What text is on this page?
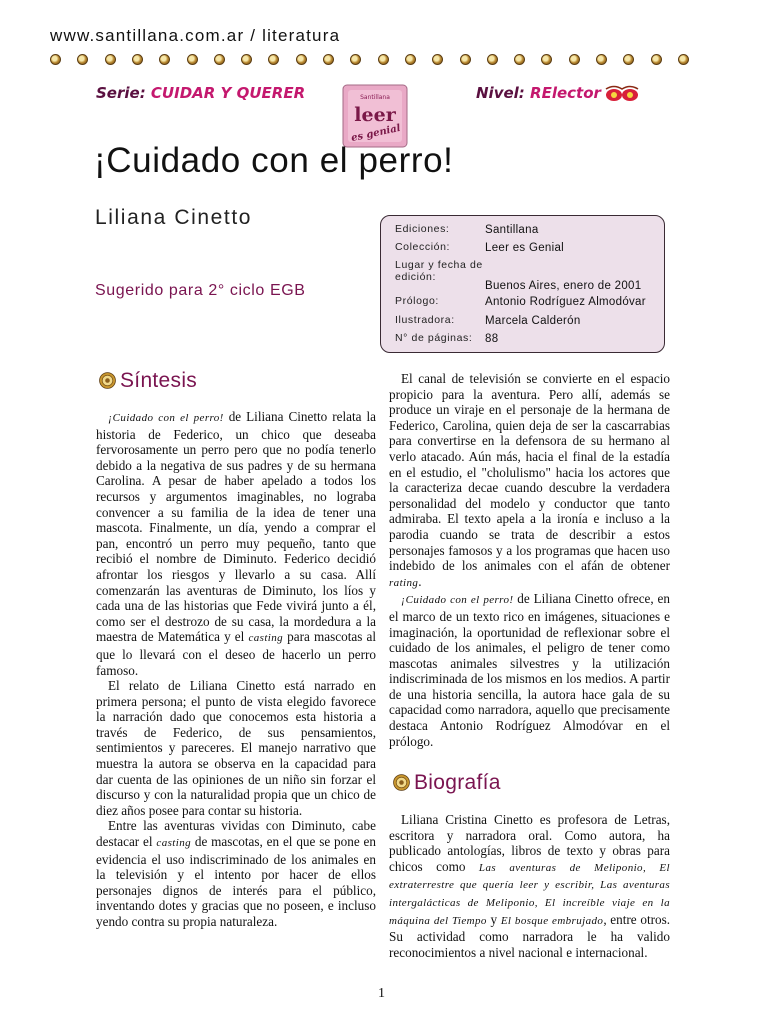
www.santillana.com.ar / literatura
Serie: CUIDAR Y QUERER	Santillana
leer
es genial
Nivel: RElector
¡Cuidado con el perro!
Liliana Cinetto
Sugerido para 2° ciclo EGB
Ediciones:	Santillana
Colección:	Leer es Genial
Lugar y fecha de edición:
Buenos Aires, enero de 2001
Prólogo:	Antonio Rodríguez Almodóvar
Ilustradora:	Marcela Calderón
N° de páginas:	88
Síntesis

¡Cuidado con el perro! de Liliana Cinetto relata la historia de Federico, un chico que deseaba fervorosamente un perro pero que no podía tenerlo debido a la negativa de sus padres y de su hermana Carolina. A pesar de haber apelado a todos los recursos y argumentos imaginables, no lograba convencer a su familia de la idea de tener una mascota. Finalmente, un día, yendo a comprar el pan, encontró un perro muy pequeño, tanto que recibió el nombre de Diminuto. Federico decidió afrontar los riesgos y llevarlo a su casa. Allí comenzarán las aventuras de Diminuto, los líos y cada una de las historias que Fede vivirá junto a él, como ser el destrozo de su casa, la mordedura a la maestra de Matemática y el casting para mascotas al que lo llevará con el deseo de hacerlo un perro famoso.

El relato de Liliana Cinetto está narrado en primera persona; el punto de vista elegido favorece la narración dado que conocemos esta historia a través de Federico, de sus pensamientos, sentimientos y pareceres. El manejo narrativo que muestra la autora se observa en la capacidad para dar cuenta de las opiniones de un niño sin forzar el discurso y con la naturalidad propia que un chico de diez años posee para contar su historia.

Entre las aventuras vividas con Diminuto, cabe destacar el casting de mascotas, en el que se pone en evidencia el uso indiscriminado de los animales en la televisión y el intento por hacer de ellos personajes dignos de interés para el público, inventando dotes y gracias que no poseen, e incluso yendo contra su propia naturaleza.

El canal de televisión se convierte en el espacio propicio para la aventura. Pero allí, además se produce un viraje en el personaje de la hermana de Federico, Carolina, quien deja de ser la cascarrabias para convertirse en la defensora de su hermano al verlo atacado. Aún más, hacia el final de la estadía en el estudio, el "cholulismo" hacia los actores que la caracteriza decae cuando descubre la verdadera personalidad del modelo y conductor que tanto admiraba. El texto apela a la ironía e incluso a la parodia cuando se trata de describir a estos personajes famosos y a los programas que hacen uso indebido de los animales con el afán de obtener rating.

¡Cuidado con el perro! de Liliana Cinetto ofrece, en el marco de un texto rico en imágenes, situaciones e imaginación, la oportunidad de reflexionar sobre el cuidado de los animales, el peligro de tener como mascotas animales silvestres y la utilización indiscriminada de los mismos en los medios. A partir de una historia sencilla, la autora hace gala de su capacidad como narradora, aquello que precisamente destaca Antonio Rodríguez Almodóvar en el prólogo.

Biografía

Liliana Cristina Cinetto es profesora de Letras, escritora y narradora oral. Como autora, ha publicado antologías, libros de texto y obras para chicos como Las aventuras de Meliponio, El extraterrestre que quería leer y escribir, Las aventuras intergalácticas de Meliponio, El increíble viaje en la máquina del Tiempo y El bosque embrujado, entre otros. Su actividad como narradora le ha valido reconocimientos a nivel nacional e internacional.

1
